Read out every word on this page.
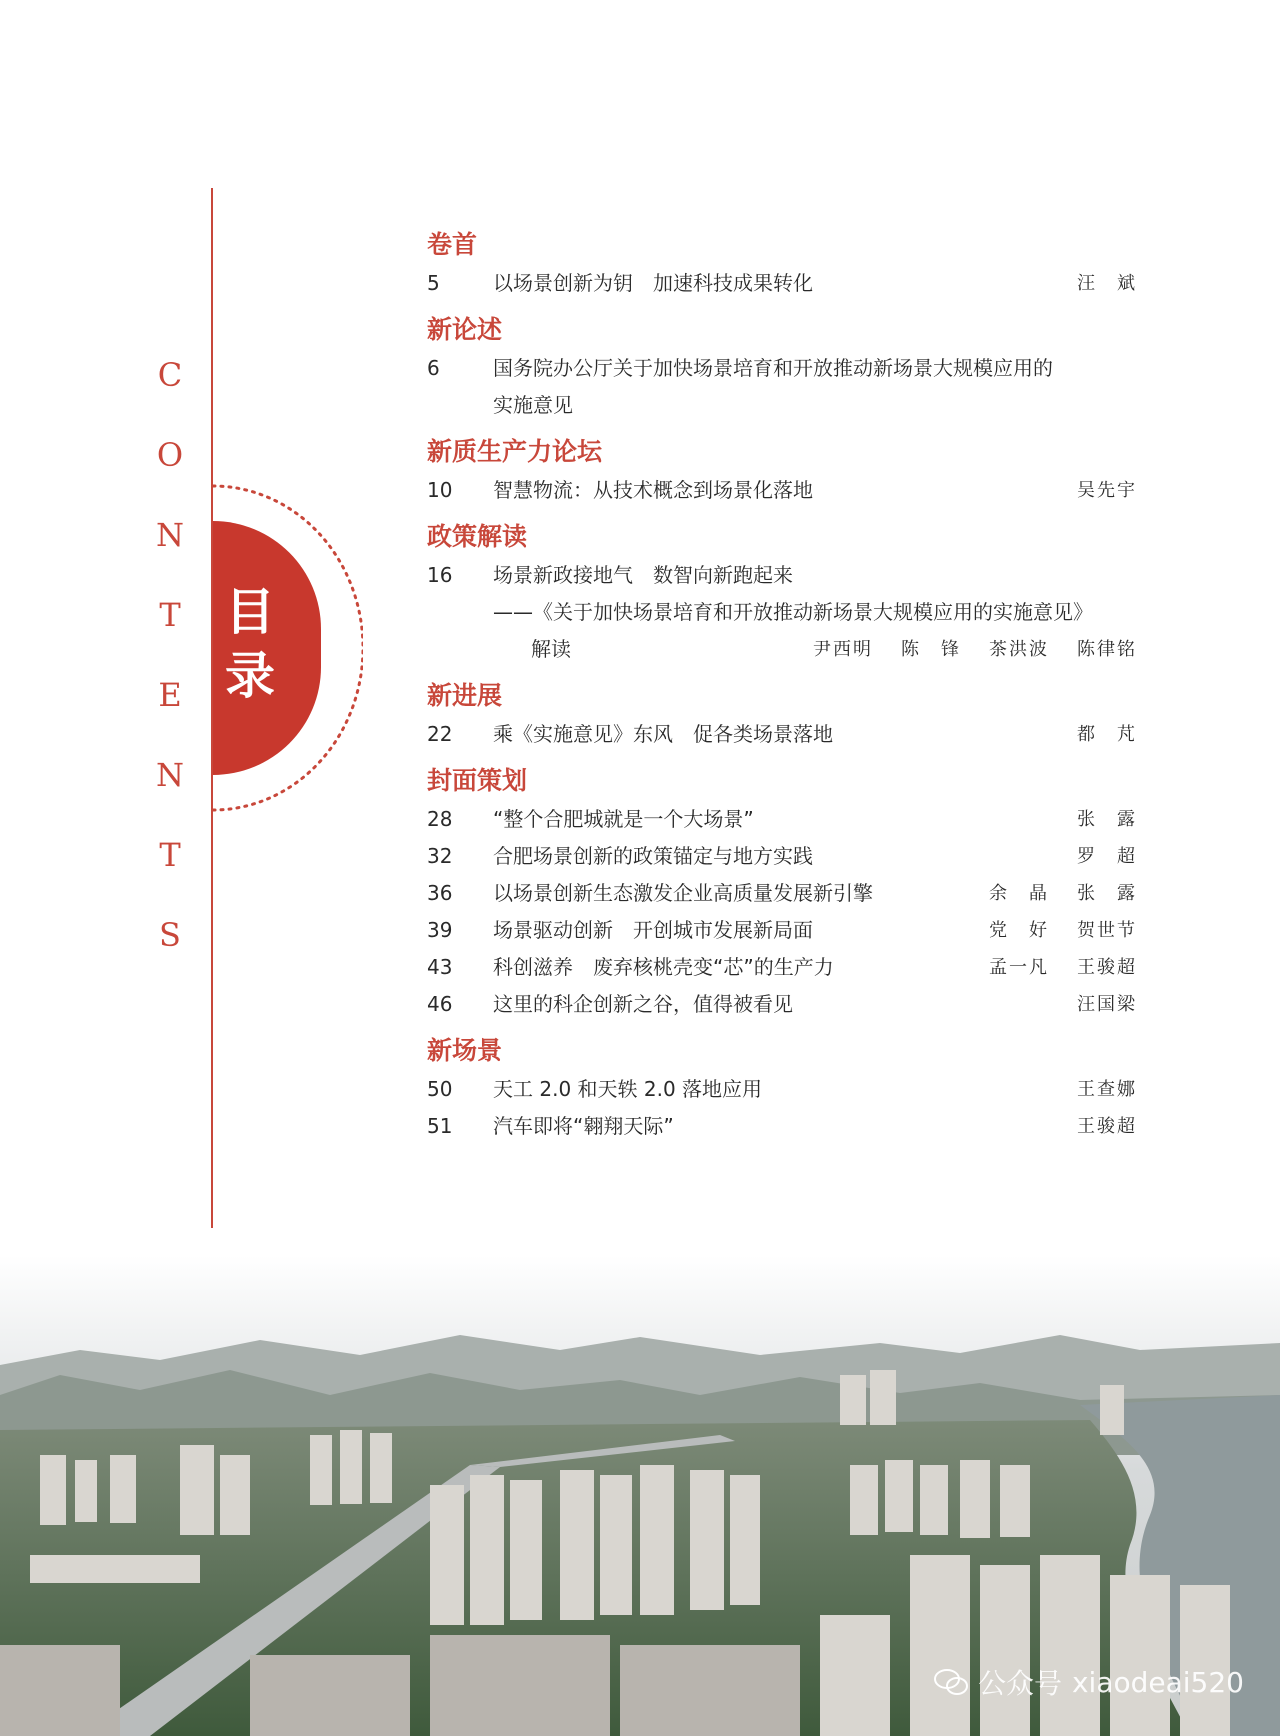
C
O
N
T
E
N
T
S
目
录
卷首
5	以场景创新为钥　加速科技成果转化	汪　斌
新论述
6	国务院办公厅关于加快场景培育和开放推动新场景大规模应用的
实施意见
新质生产力论坛
10	智慧物流：从技术概念到场景化落地	吴先宇
政策解读
16	场景新政接地气　数智向新跑起来
——《关于加快场景培育和开放推动新场景大规模应用的实施意见》
解读	尹西明 陈　锋 茶洪波 陈律铭
新进展
22	乘《实施意见》东风　促各类场景落地	都　芃
封面策划
28	“整个合肥城就是一个大场景”	张　露
32	合肥场景创新的政策锚定与地方实践	罗　超
36	以场景创新生态激发企业高质量发展新引擎	余　晶 张　露
39	场景驱动创新　开创城市发展新局面	党　好 贺世节
43	科创滋养　废弃核桃壳变“芯”的生产力	孟一凡 王骏超
46	这里的科企创新之谷，值得被看见	汪国梁
新场景
50	天工 2.0 和天轶 2.0 落地应用	王查娜
51	汽车即将“翱翔天际”	王骏超
公众号 xiaodeai520
